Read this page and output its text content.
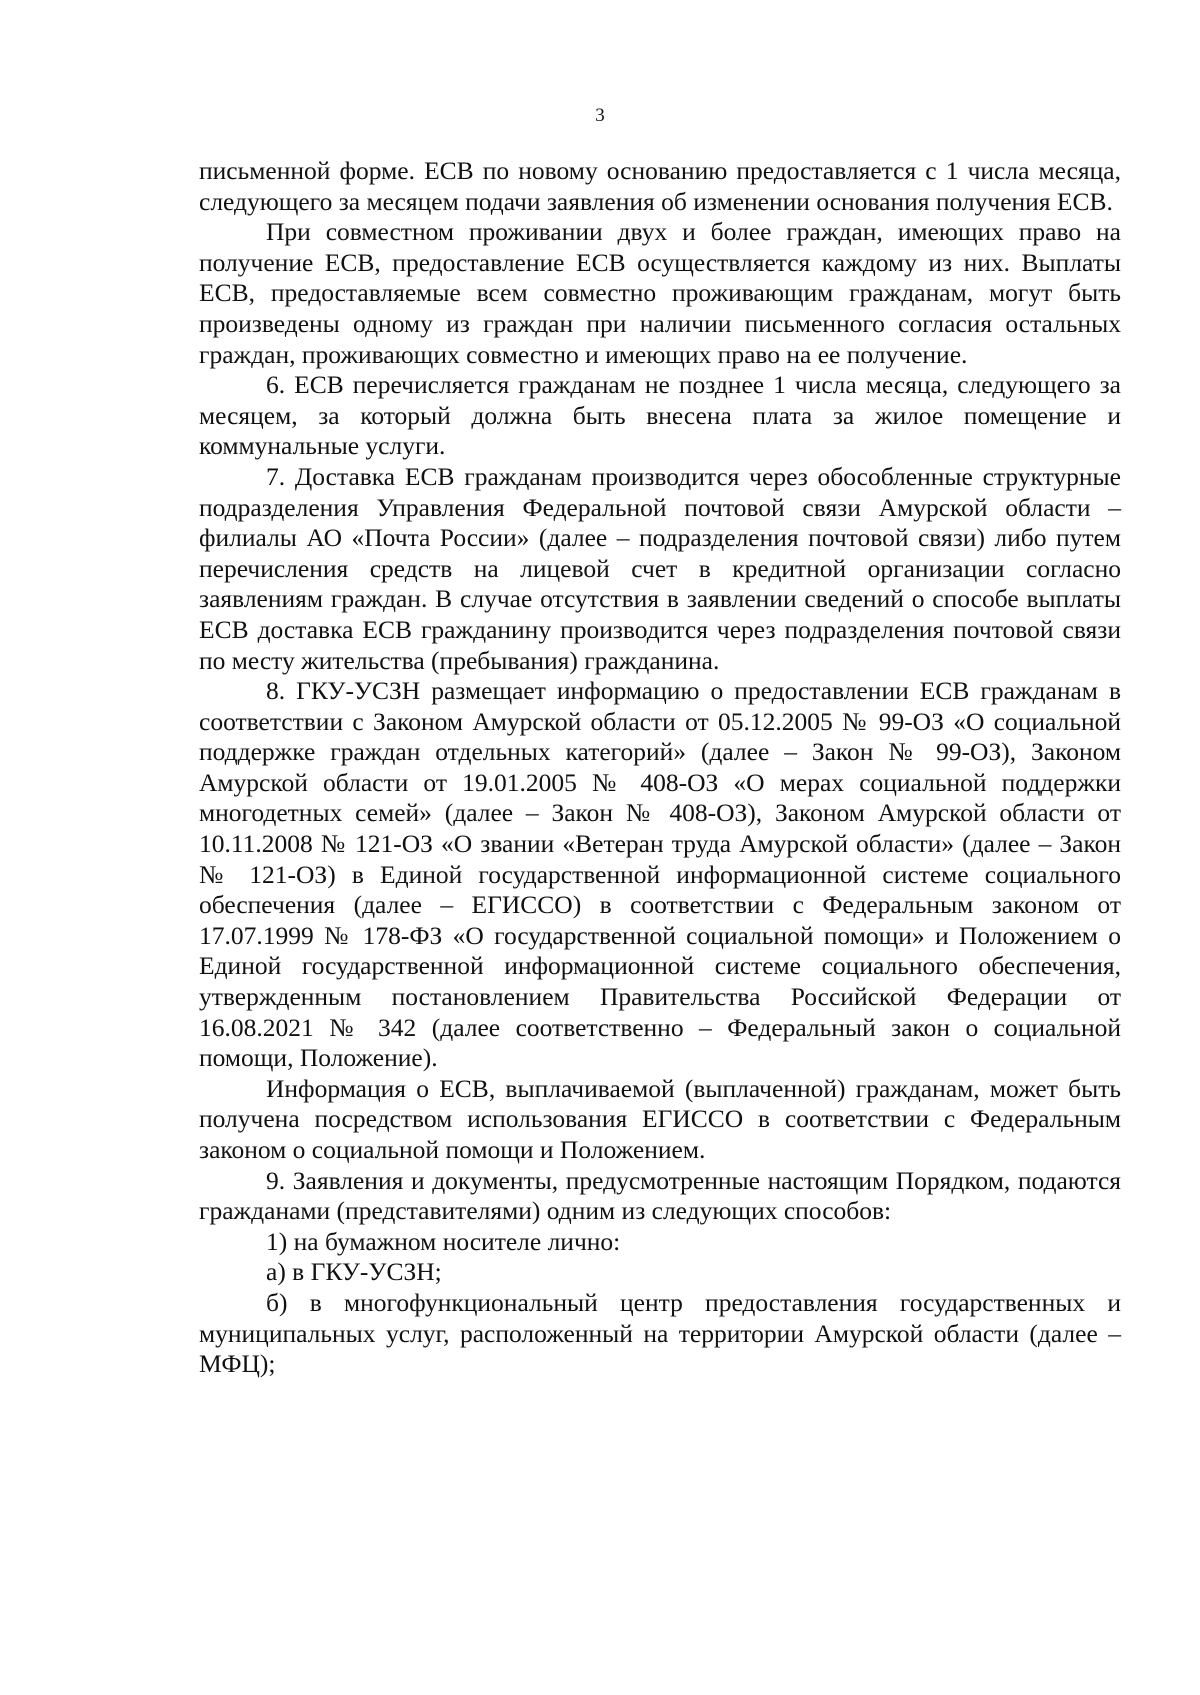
3

письменной форме. ЕСВ по новому основанию предоставляется с 1 числа месяца, следующего за месяцем подачи заявления об изменении основания получения ЕСВ.

При совместном проживании двух и более граждан, имеющих право на получение ЕСВ, предоставление ЕСВ осуществляется каждому из них. Выплаты ЕСВ, предоставляемые всем совместно проживающим гражданам, могут быть произведены одному из граждан при наличии письменного согласия остальных граждан, проживающих совместно и имеющих право на ее получение.

6. ЕСВ перечисляется гражданам не позднее 1 числа месяца, следующего за месяцем, за который должна быть внесена плата за жилое помещение и коммунальные услуги.

7. Доставка ЕСВ гражданам производится через обособленные структурные подразделения Управления Федеральной почтовой связи Амурской области – филиалы АО «Почта России» (далее – подразделения почтовой связи) либо путем перечисления средств на лицевой счет в кредитной организации согласно заявлениям граждан. В случае отсутствия в заявлении сведений о способе выплаты ЕСВ доставка ЕСВ гражданину производится через подразделения почтовой связи по месту жительства (пребывания) гражданина.

8. ГКУ-УСЗН размещает информацию о предоставлении ЕСВ гражданам в соответствии с Законом Амурской области от 05.12.2005 № 99-ОЗ «О социальной поддержке граждан отдельных категорий» (далее – Закон № 99-ОЗ), Законом Амурской области от 19.01.2005 № 408-ОЗ «О мерах социальной поддержки многодетных семей» (далее – Закон № 408-ОЗ), Законом Амурской области от 10.11.2008 № 121-ОЗ «О звании «Ветеран труда Амурской области» (далее – Закон № 121-ОЗ) в Единой государственной информационной системе социального обеспечения (далее – ЕГИССО) в соответствии с Федеральным законом от 17.07.1999 № 178-ФЗ «О государственной социальной помощи» и Положением о Единой государственной информационной системе социального обеспечения, утвержденным постановлением Правительства Российской Федерации от 16.08.2021 № 342 (далее соответственно – Федеральный закон о социальной помощи, Положение).

Информация о ЕСВ, выплачиваемой (выплаченной) гражданам, может быть получена посредством использования ЕГИССО в соответствии с Федеральным законом о социальной помощи и Положением.

9. Заявления и документы, предусмотренные настоящим Порядком, подаются гражданами (представителями) одним из следующих способов:

1) на бумажном носителе лично:

а) в ГКУ-УСЗН;

б) в многофункциональный центр предоставления государственных и муниципальных услуг, расположенный на территории Амурской области (далее – МФЦ);
